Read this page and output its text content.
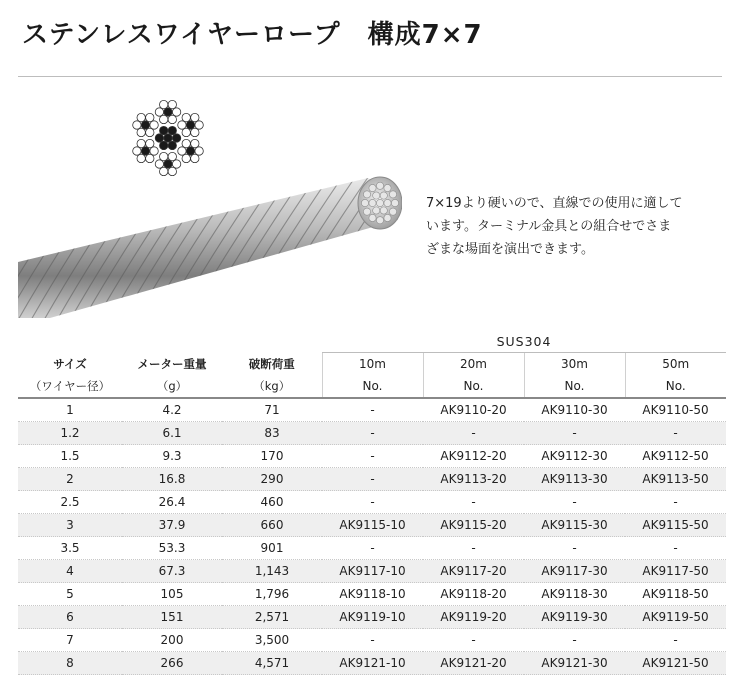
ステンレスワイヤーロープ　構成7×7
7×19より硬いので、直線での使用に適して
います。ターミナル金具との組合せでさま
ざまな場面を演出できます。
			SUS304			
サイズ	メーター重量	破断荷重	10m	20m	30m	50m
（ワイヤー径）	（g）	（kg）	No.	No.	No.	No.
1	4.2	71	-	AK9110-20	AK9110-30	AK9110-50
1.2	6.1	83	-	-	-	-
1.5	9.3	170	-	AK9112-20	AK9112-30	AK9112-50
2	16.8	290	-	AK9113-20	AK9113-30	AK9113-50
2.5	26.4	460	-	-	-	-
3	37.9	660	AK9115-10	AK9115-20	AK9115-30	AK9115-50
3.5	53.3	901	-	-	-	-
4	67.3	1,143	AK9117-10	AK9117-20	AK9117-30	AK9117-50
5	105	1,796	AK9118-10	AK9118-20	AK9118-30	AK9118-50
6	151	2,571	AK9119-10	AK9119-20	AK9119-30	AK9119-50
7	200	3,500	-	-	-	-
8	266	4,571	AK9121-10	AK9121-20	AK9121-30	AK9121-50
